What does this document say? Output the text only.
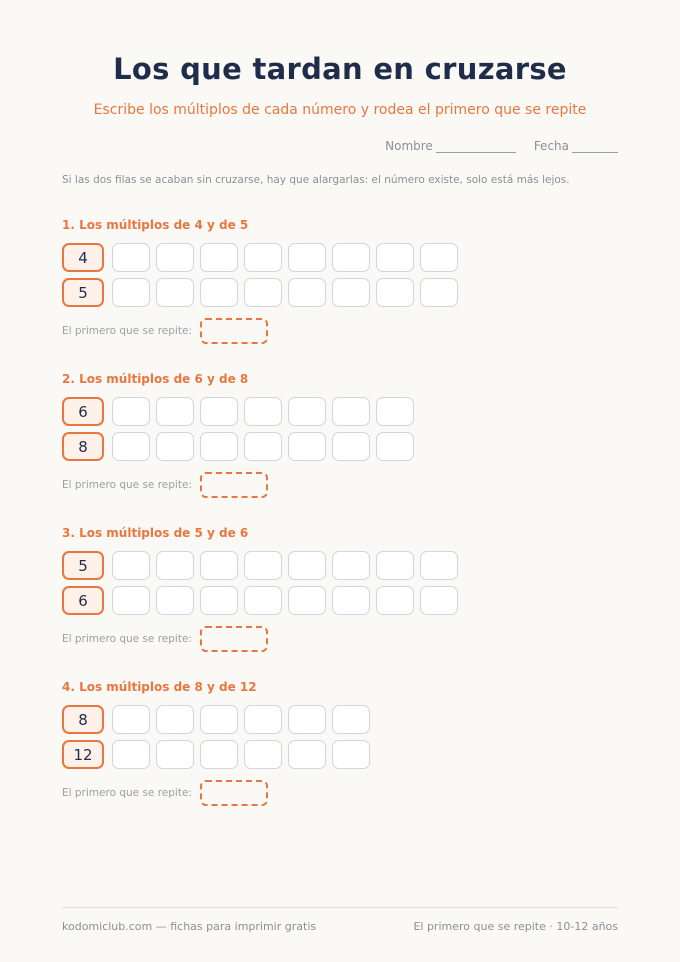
Los que tardan en cruzarse
Escribe los múltiplos de cada número y rodea el primero que se repite
Nombre	Fecha
Si las dos filas se acaban sin cruzarse, hay que alargarlas: el número existe, solo está más lejos.
1. Los múltiplos de 4 y de 5
4
5
El primero que se repite:
2. Los múltiplos de 6 y de 8
6
8
El primero que se repite:
3. Los múltiplos de 5 y de 6
5
6
El primero que se repite:
4. Los múltiplos de 8 y de 12
8
12
El primero que se repite:
kodomiclub.com — fichas para imprimir gratis	El primero que se repite · 10-12 años
